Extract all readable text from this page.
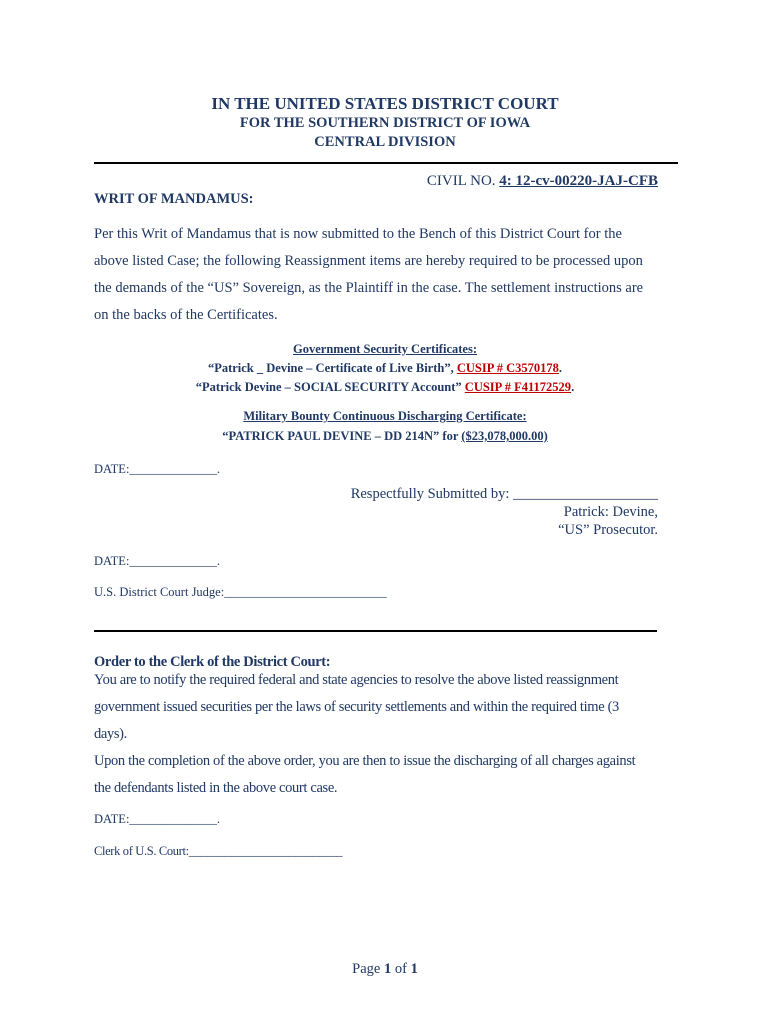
IN THE UNITED STATES DISTRICT COURT
FOR THE SOUTHERN DISTRICT OF IOWA
CENTRAL DIVISION
CIVIL NO. 4: 12-cv-00220-JAJ-CFB
WRIT OF MANDAMUS:
Per this Writ of Mandamus that is now submitted to the Bench of this District Court for the
above listed Case; the following Reassignment items are hereby required to be processed upon
the demands of the “US” Sovereign, as the Plaintiff in the case. The settlement instructions are
on the backs of the Certificates.
Government Security Certificates:
“Patrick _ Devine – Certificate of Live Birth”, CUSIP # C3570178.
“Patrick Devine – SOCIAL SECURITY Account” CUSIP # F41172529.
Military Bounty Continuous Discharging Certificate:
“PATRICK PAUL DEVINE – DD 214N” for ($23,078,000.00)
DATE:______________.
Respectfully Submitted by: ____________________
Patrick: Devine,
“US” Prosecutor.
DATE:______________.
U.S. District Court Judge:__________________________
Order to the Clerk of the District Court:
You are to notify the required federal and state agencies to resolve the above listed reassignment
government issued securities per the laws of security settlements and within the required time (3
days).
Upon the completion of the above order, you are then to issue the discharging of all charges against
the defendants listed in the above court case.
DATE:______________.
Clerk of U.S. Court:__________________________
Page 1 of 1
